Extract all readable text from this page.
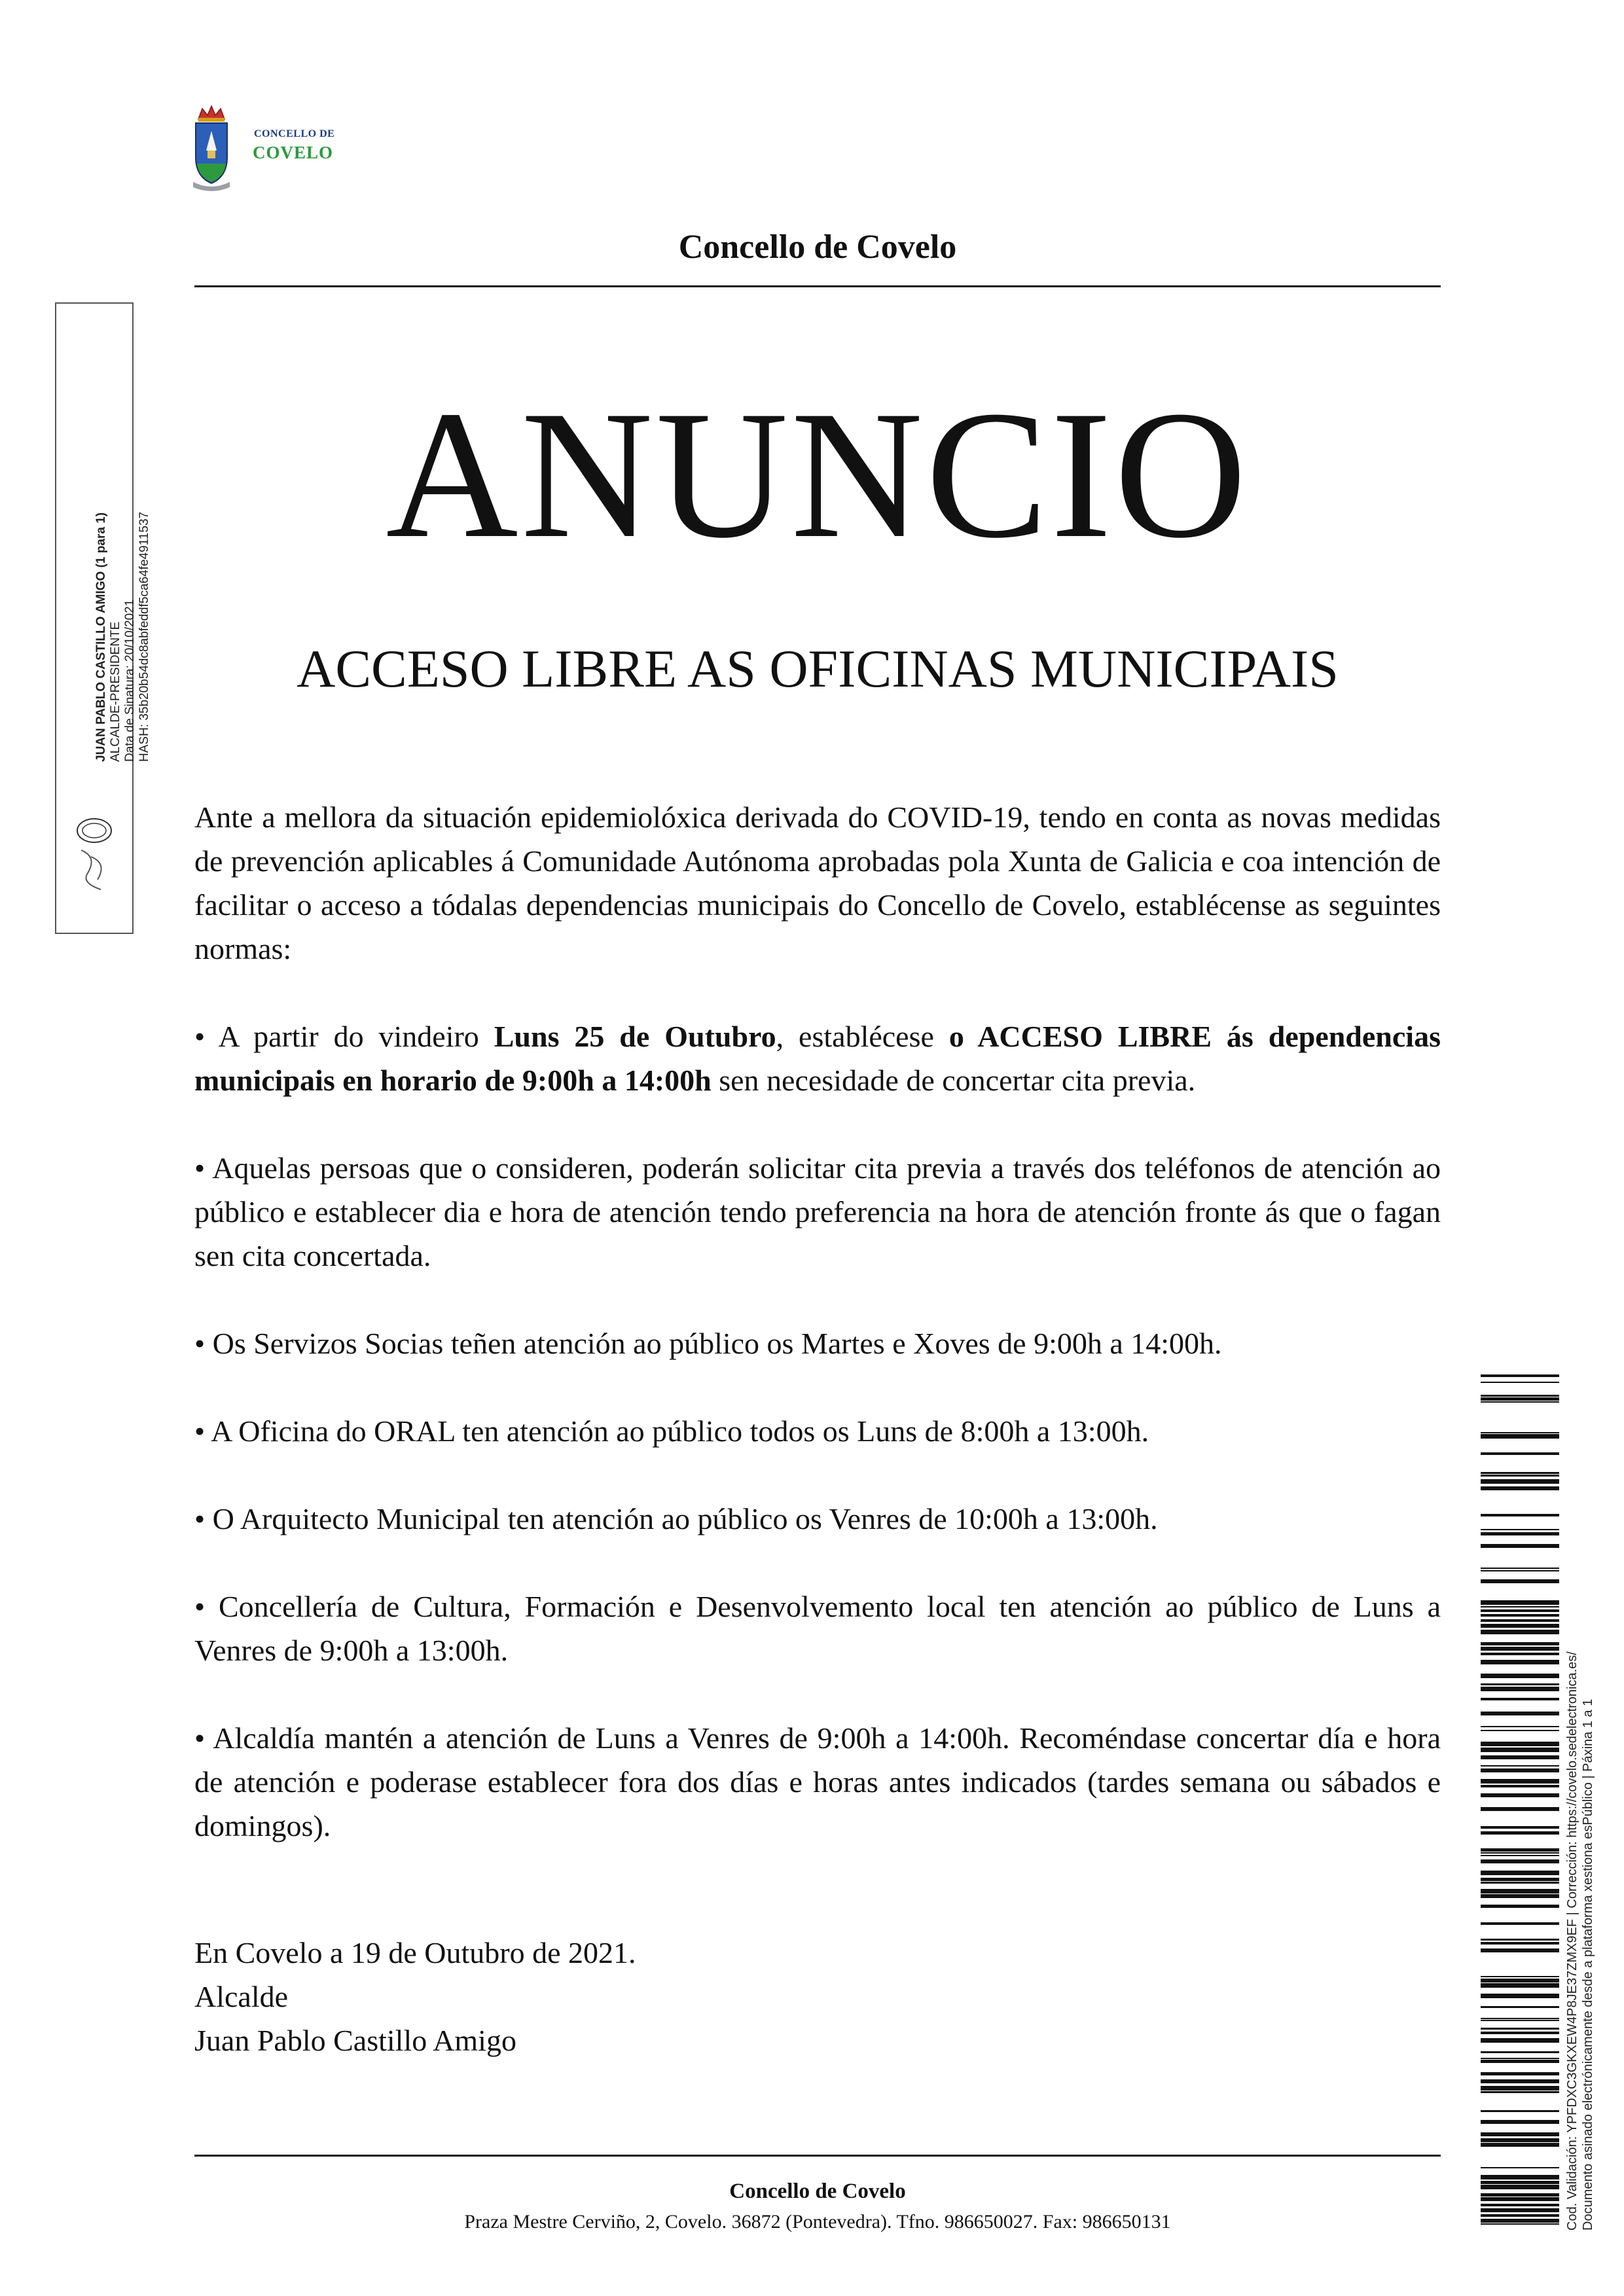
CONCELLO DE
COVELO
Concello de Covelo
JUAN PABLO CASTILLO AMIGO (1 para 1) ALCALDE-PRESIDENTE Data de Sinatura: 20/10/2021 HASH: 35b20b54dc8abfeddf5ca64fe4911537
ANUNCIO
ACCESO LIBRE AS OFICINAS MUNICIPAIS

Ante a mellora da situación epidemiolóxica derivada do COVID-19, tendo en conta as novas medidas de prevención aplicables á Comunidade Autónoma aprobadas pola Xunta de Galicia e coa intención de facilitar o acceso a tódalas dependencias municipais do Concello de Covelo, establécense as seguintes normas:

• A partir do vindeiro Luns 25 de Outubro, establécese o ACCESO LIBRE ás dependencias municipais en horario de 9:00h a 14:00h sen necesidade de concertar cita previa.

• Aquelas persoas que o consideren, poderán solicitar cita previa a través dos teléfonos de atención ao público e establecer dia e hora de atención tendo preferencia na hora de atención fronte ás que o fagan sen cita concertada.

• Os Servizos Socias teñen atención ao público os Martes e Xoves de 9:00h a 14:00h.

• A Oficina do ORAL ten atención ao público todos os Luns de 8:00h a 13:00h.

• O Arquitecto Municipal ten atención ao público os Venres de 10:00h a 13:00h.

• Concellería de Cultura, Formación e Desenvolvemento local ten atención ao público de Luns a Venres de 9:00h a 13:00h.

• Alcaldía mantén a atención de Luns a Venres de 9:00h a 14:00h. Recoméndase concertar día e hora de atención e poderase establecer fora dos días e horas antes indicados (tardes semana ou sábados e domingos).

En Covelo a 19 de Outubro de 2021.
Alcalde
Juan Pablo Castillo Amigo
Concello de Covelo
Praza Mestre Cerviño, 2, Covelo. 36872 (Pontevedra). Tfno. 986650027. Fax: 986650131	Cod. Validación: YPFDXC3GKXEW4P8JE37ZMX9EF | Corrección: https://covelo.sedelectronica.es/ Documento asinado electrónicamente desde a plataforma xestiona esPúblico | Páxina 1 a 1
